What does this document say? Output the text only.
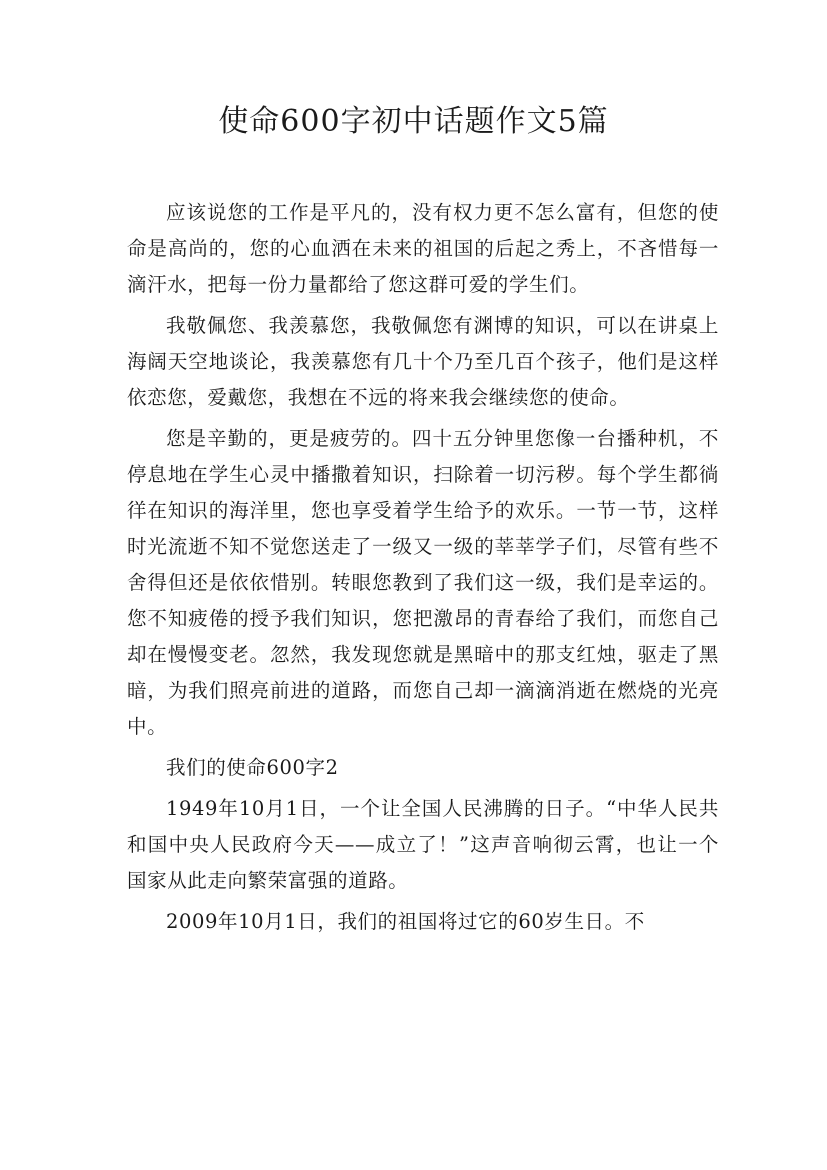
使命600字初中话题作文5篇

应该说您的工作是平凡的，没有权力更不怎么富有，但您的使命是高尚的，您的心血洒在未来的祖国的后起之秀上，不吝惜每一滴汗水，把每一份力量都给了您这群可爱的学生们。

我敬佩您、我羡慕您，我敬佩您有渊博的知识，可以在讲桌上海阔天空地谈论，我羡慕您有几十个乃至几百个孩子，他们是这样依恋您，爱戴您，我想在不远的将来我会继续您的使命。

您是辛勤的，更是疲劳的。四十五分钟里您像一台播种机，不停息地在学生心灵中播撒着知识，扫除着一切污秽。每个学生都徜徉在知识的海洋里，您也享受着学生给予的欢乐。一节一节，这样时光流逝不知不觉您送走了一级又一级的莘莘学子们，尽管有些不舍得但还是依依惜别。转眼您教到了我们这一级，我们是幸运的。您不知疲倦的授予我们知识，您把激昂的青春给了我们，而您自己却在慢慢变老。忽然，我发现您就是黑暗中的那支红烛，驱走了黑暗，为我们照亮前进的道路，而您自己却一滴滴消逝在燃烧的光亮中。

我们的使命600字2

1949年10月1日，一个让全国人民沸腾的日子。“中华人民共和国中央人民政府今天——成立了！”这声音响彻云霄，也让一个国家从此走向繁荣富强的道路。

2009年10月1日，我们的祖国将过它的60岁生日。不
